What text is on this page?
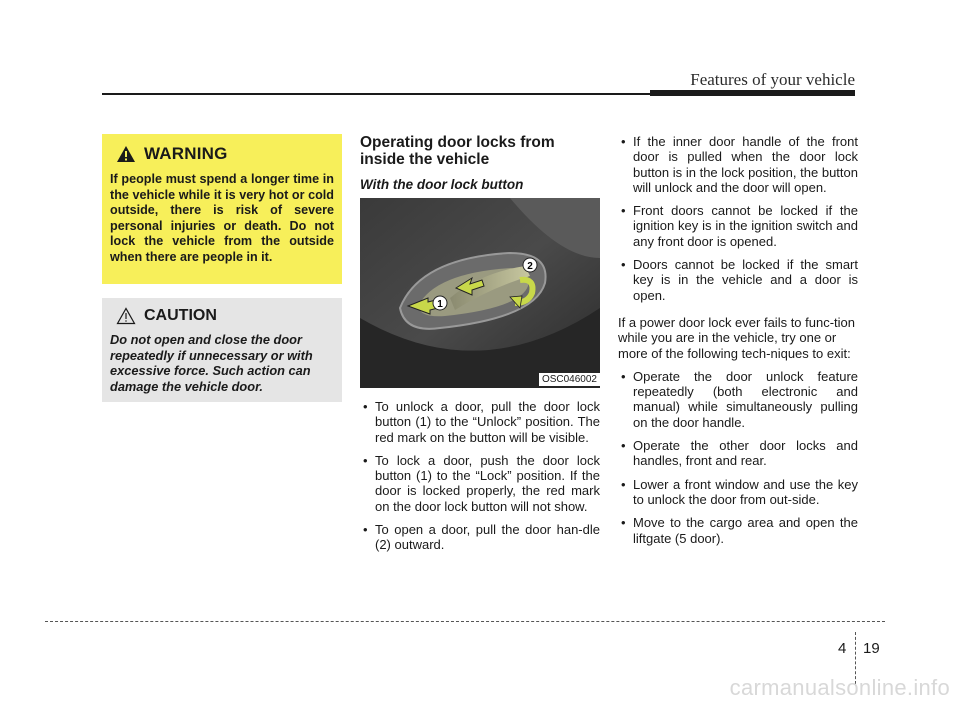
Features of your vehicle
WARNING

If people must spend a longer time in the vehicle while it is very hot or cold outside, there is risk of severe personal injuries or death. Do not lock the vehicle from the outside when there are people in it.

CAUTION

Do not open and close the door repeatedly if unnecessary or with excessive force. Such action can damage the vehicle door.

Operating door locks from inside the vehicle
With the door lock button
1
2
OSC046002
• To unlock a door, pull the door lock button (1) to the “Unlock” position. The red mark on the button will be visible.
• To lock a door, push the door lock button (1) to the “Lock” position. If the door is locked properly, the red mark on the door lock button will not show.
• To open a door, pull the door han-dle (2) outward.
• If the inner door handle of the front door is pulled when the door lock button is in the lock position, the button will unlock and the door will open.
• Front doors cannot be locked if the ignition key is in the ignition switch and any front door is opened.
• Doors cannot be locked if the smart key is in the vehicle and a door is open.

If a power door lock ever fails to func-tion while you are in the vehicle, try one or more of the following tech-niques to exit:

• Operate the door unlock feature repeatedly (both electronic and manual) while simultaneously pulling on the door handle.
• Operate the other door locks and handles, front and rear.
• Lower a front window and use the key to unlock the door from out-side.
• Move to the cargo area and open the liftgate (5 door).
4 19
carmanualsonline.info
